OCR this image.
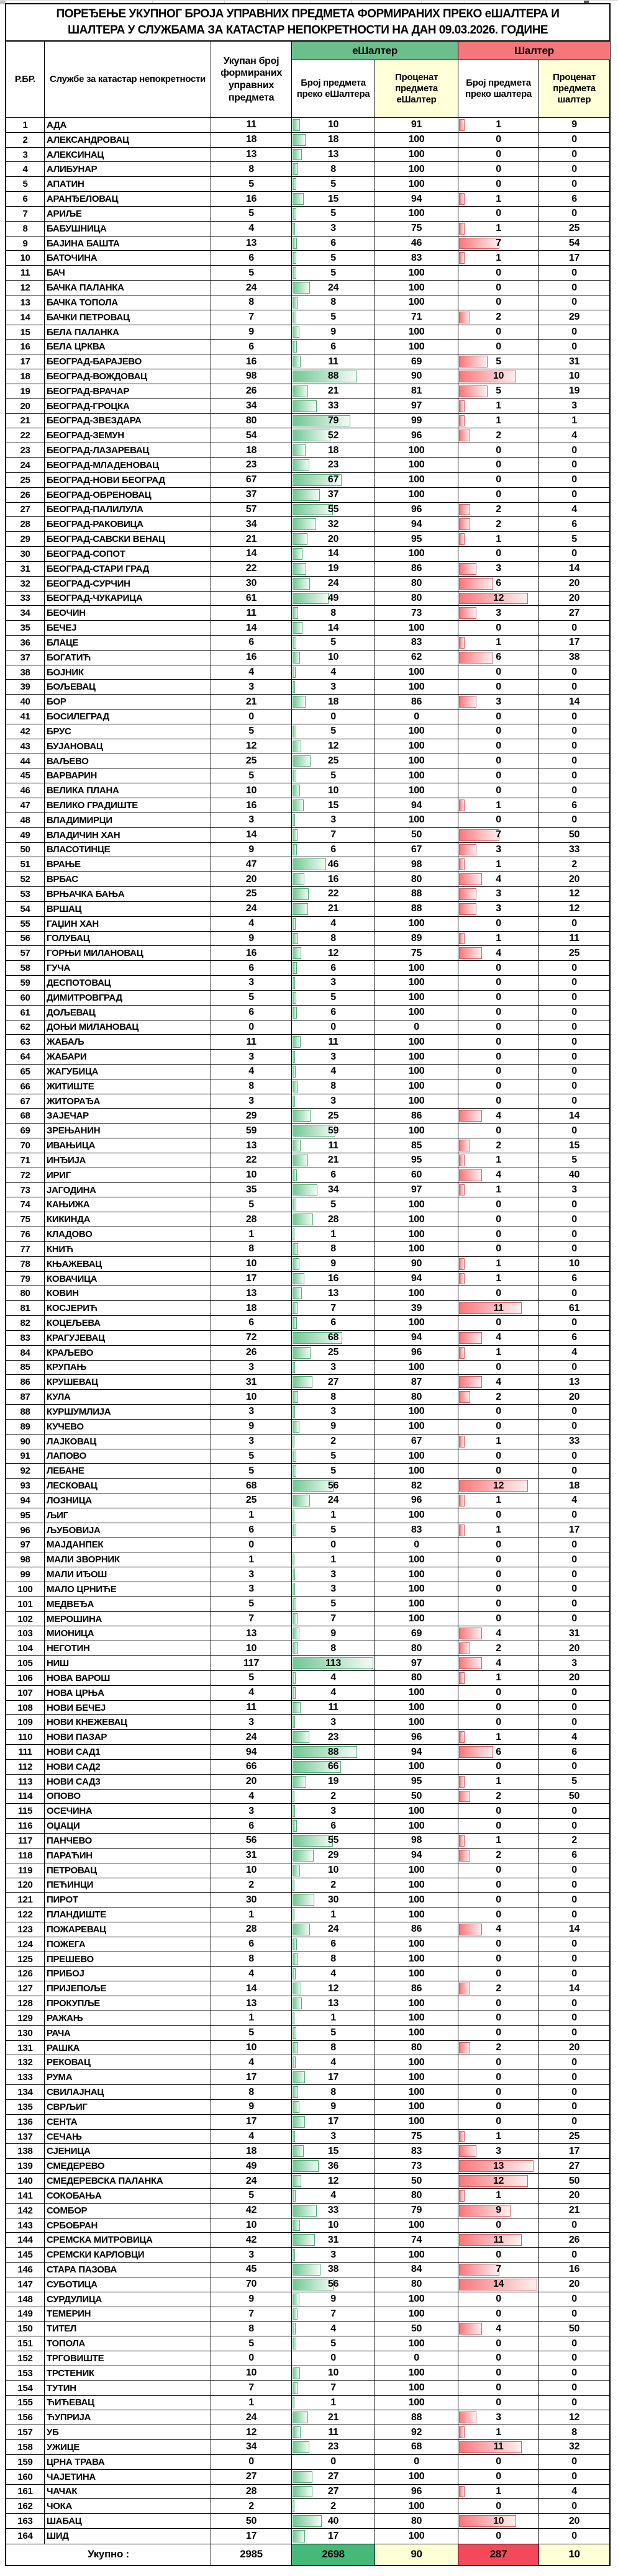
ПОРЕЂЕЊЕ УКУПНОГ БРОЈА УПРАВНИХ ПРЕДМЕТА ФОРМИРАНИХ ПРЕКО еШАЛТЕРА И
ШАЛТЕРА У СЛУЖБАМА ЗА КАТАСТАР НЕПОКРЕТНОСТИ НА ДАН 09.03.2026. ГОДИНЕ
Р.БР.	Службе за катастар непокретности
Укупан број формираних управних предмета
еШалтер
Број предмета преко еШалтера
Проценат предмета еШалтер
Шалтер
Број предмета преко шалтера
Проценат предмета шалтер
1 АДА	11	10	91	1	9
2 АЛЕКСАНДРОВАЦ	18	18	100	0	0
3 АЛЕКСИНАЦ	13	13	100	0	0
4 АЛИБУНАР	8	8	100	0	0
5 АПАТИН	5	5	100	0	0
6 АРАНЂЕЛОВАЦ	16	15	94	1	6
7 АРИЉЕ	5	5	100	0	0
8 БАБУШНИЦА	4	3	75	1	25
9 БАЈИНА БАШТА	13	6	46	7	54
10 БАТОЧИНА	6	5	83	1	17
11 БАЧ	5	5	100	0	0
12 БАЧКА ПАЛАНКА	24	24	100	0	0
13 БАЧКА ТОПОЛА	8	8	100	0	0
14 БАЧКИ ПЕТРОВАЦ	7	5	71	2	29
15 БЕЛА ПАЛАНКА	9	9	100	0	0
16 БЕЛА ЦРКВА	6	6	100	0	0
17 БЕОГРАД-БАРАЈЕВО	16	11	69	5	31
18 БЕОГРАД-ВОЖДОВАЦ	98	88	90	10	10
19 БЕОГРАД-ВРАЧАР	26	21	81	5	19
20 БЕОГРАД-ГРОЦКА	34	33	97	1	3
21 БЕОГРАД-ЗВЕЗДАРА	80	79	99	1	1
22 БЕОГРАД-ЗЕМУН	54	52	96	2	4
23 БЕОГРАД-ЛАЗАРЕВАЦ	18	18	100	0	0
24 БЕОГРАД-МЛАДЕНОВАЦ	23	23	100	0	0
25 БЕОГРАД-НОВИ БЕОГРАД	67	67	100	0	0
26 БЕОГРАД-ОБРЕНОВАЦ	37	37	100	0	0
27 БЕОГРАД-ПАЛИЛУЛА	57	55	96	2	4
28 БЕОГРАД-РАКОВИЦА	34	32	94	2	6
29 БЕОГРАД-САВСКИ ВЕНАЦ	21	20	95	1	5
30 БЕОГРАД-СОПОТ	14	14	100	0	0
31 БЕОГРАД-СТАРИ ГРАД	22	19	86	3	14
32 БЕОГРАД-СУРЧИН	30	24	80	6	20
33 БЕОГРАД-ЧУКАРИЦА	61	49	80	12	20
34 БЕОЧИН	11	8	73	3	27
35 БЕЧЕЈ	14	14	100	0	0
36 БЛАЦЕ	6	5	83	1	17
37 БОГАТИЋ	16	10	62	6	38
38 БОЈНИК	4	4	100	0	0
39 БОЉЕВАЦ	3	3	100	0	0
40 БОР	21	18	86	3	14
41 БОСИЛЕГРАД	0	0	0	0	0
42 БРУС	5	5	100	0	0
43 БУЈАНОВАЦ	12	12	100	0	0
44 ВАЉЕВО	25	25	100	0	0
45 ВАРВАРИН	5	5	100	0	0
46 ВЕЛИКА ПЛАНА	10	10	100	0	0
47 ВЕЛИКО ГРАДИШТЕ	16	15	94	1	6
48 ВЛАДИМИРЦИ	3	3	100	0	0
49 ВЛАДИЧИН ХАН	14	7	50	7	50
50 ВЛАСОТИНЦЕ	9	6	67	3	33
51 ВРАЊЕ	47	46	98	1	2
52 ВРБАС	20	16	80	4	20
53 ВРЊАЧКА БАЊА	25	22	88	3	12
54 ВРШАЦ	24	21	88	3	12
55 ГАЏИН ХАН	4	4	100	0	0
56 ГОЛУБАЦ	9	8	89	1	11
57 ГОРЊИ МИЛАНОВАЦ	16	12	75	4	25
58 ГУЧА	6	6	100	0	0
59 ДЕСПОТОВАЦ	3	3	100	0	0
60 ДИМИТРОВГРАД	5	5	100	0	0
61 ДОЉЕВАЦ	6	6	100	0	0
62 ДОЊИ МИЛАНОВАЦ	0	0	0	0	0
63 ЖАБАЉ	11	11	100	0	0
64 ЖАБАРИ	3	3	100	0	0
65 ЖАГУБИЦА	4	4	100	0	0
66 ЖИТИШТЕ	8	8	100	0	0
67 ЖИТОРАЂА	3	3	100	0	0
68 ЗАЈЕЧАР	29	25	86	4	14
69 ЗРЕЊАНИН	59	59	100	0	0
70 ИВАЊИЦА	13	11	85	2	15
71 ИНЂИЈА	22	21	95	1	5
72 ИРИГ	10	6	60	4	40
73 ЈАГОДИНА	35	34	97	1	3
74 КАЊИЖА	5	5	100	0	0
75 КИКИНДА	28	28	100	0	0
76 КЛАДОВО	1	1	100	0	0
77 КНИЋ	8	8	100	0	0
78 КЊАЖЕВАЦ	10	9	90	1	10
79 КОВАЧИЦА	17	16	94	1	6
80 КОВИН	13	13	100	0	0
81 КОСЈЕРИЋ	18	7	39	11	61
82 КОЦЕЉЕВА	6	6	100	0	0
83 КРАГУЈЕВАЦ	72	68	94	4	6
84 КРАЉЕВО	26	25	96	1	4
85 КРУПАЊ	3	3	100	0	0
86 КРУШЕВАЦ	31	27	87	4	13
87 КУЛА	10	8	80	2	20
88 КУРШУМЛИЈА	3	3	100	0	0
89 КУЧЕВО	9	9	100	0	0
90 ЛАЈКОВАЦ	3	2	67	1	33
91 ЛАПОВО	5	5	100	0	0
92 ЛЕБАНЕ	5	5	100	0	0
93 ЛЕСКОВАЦ	68	56	82	12	18
94 ЛОЗНИЦА	25	24	96	1	4
95 ЉИГ	1	1	100	0	0
96 ЉУБОВИЈА	6	5	83	1	17
97 МАЈДАНПЕК	0	0	0	0	0
98 МАЛИ ЗВОРНИК	1	1	100	0	0
99 МАЛИ ИЂОШ	3	3	100	0	0
100 МАЛО ЦРНИЋЕ	3	3	100	0	0
101 МЕДВЕЂА	5	5	100	0	0
102 МЕРОШИНА	7	7	100	0	0
103 МИОНИЦА	13	9	69	4	31
104 НЕГОТИН	10	8	80	2	20
105 НИШ	117	113	97	4	3
106 НОВА ВАРОШ	5	4	80	1	20
107 НОВА ЦРЊА	4	4	100	0	0
108 НОВИ БЕЧЕЈ	11	11	100	0	0
109 НОВИ КНЕЖЕВАЦ	3	3	100	0	0
110 НОВИ ПАЗАР	24	23	96	1	4
111 НОВИ САД1	94	88	94	6	6
112 НОВИ САД2	66	66	100	0	0
113 НОВИ САД3	20	19	95	1	5
114 ОПОВО	4	2	50	2	50
115 ОСЕЧИНА	3	3	100	0	0
116 ОЏАЦИ	6	6	100	0	0
117 ПАНЧЕВО	56	55	98	1	2
118 ПАРАЋИН	31	29	94	2	6
119 ПЕТРОВАЦ	10	10	100	0	0
120 ПЕЋИНЦИ	2	2	100	0	0
121 ПИРОТ	30	30	100	0	0
122 ПЛАНДИШТЕ	1	1	100	0	0
123 ПОЖАРЕВАЦ	28	24	86	4	14
124 ПОЖЕГА	6	6	100	0	0
125 ПРЕШЕВО	8	8	100	0	0
126 ПРИБОЈ	4	4	100	0	0
127 ПРИЈЕПОЉЕ	14	12	86	2	14
128 ПРОКУПЉЕ	13	13	100	0	0
129 РАЖАЊ	1	1	100	0	0
130 РАЧА	5	5	100	0	0
131 РАШКА	10	8	80	2	20
132 РЕКОВАЦ	4	4	100	0	0
133 РУМА	17	17	100	0	0
134 СВИЛАЈНАЦ	8	8	100	0	0
135 СВРЉИГ	9	9	100	0	0
136 СЕНТА	17	17	100	0	0
137 СЕЧАЊ	4	3	75	1	25
138 СЈЕНИЦА	18	15	83	3	17
139 СМЕДЕРЕВО	49	36	73	13	27
140 СМЕДЕРЕВСКА ПАЛАНКА	24	12	50	12	50
141 СОКОБАЊА	5	4	80	1	20
142 СОМБОР	42	33	79	9	21
143 СРБОБРАН	10	10	100	0	0
144 СРЕМСКА МИТРОВИЦА	42	31	74	11	26
145 СРЕМСКИ КАРЛОВЦИ	3	3	100	0	0
146 СТАРА ПАЗОВА	45	38	84	7	16
147 СУБОТИЦА	70	56	80	14	20
148 СУРДУЛИЦА	9	9	100	0	0
149 ТЕМЕРИН	7	7	100	0	0
150 ТИТЕЛ	8	4	50	4	50
151 ТОПОЛА	5	5	100	0	0
152 ТРГОВИШТЕ	0	0	0	0	0
153 ТРСТЕНИК	10	10	100	0	0
154 ТУТИН	7	7	100	0	0
155 ЋИЋЕВАЦ	1	1	100	0	0
156 ЋУПРИЈА	24	21	88	3	12
157 УБ	12	11	92	1	8
158 УЖИЦЕ	34	23	68	11	32
159 ЦРНА ТРАВА	0	0	0	0	0
160 ЧАЈЕТИНА	27	27	100	0	0
161 ЧАЧАК	28	27	96	1	4
162 ЧОКА	2	2	100	0	0
163 ШАБАЦ	50	40	80	10	20
164 ШИД	17	17	100	0	0
Укупно :	2985	2698	90	287	10
